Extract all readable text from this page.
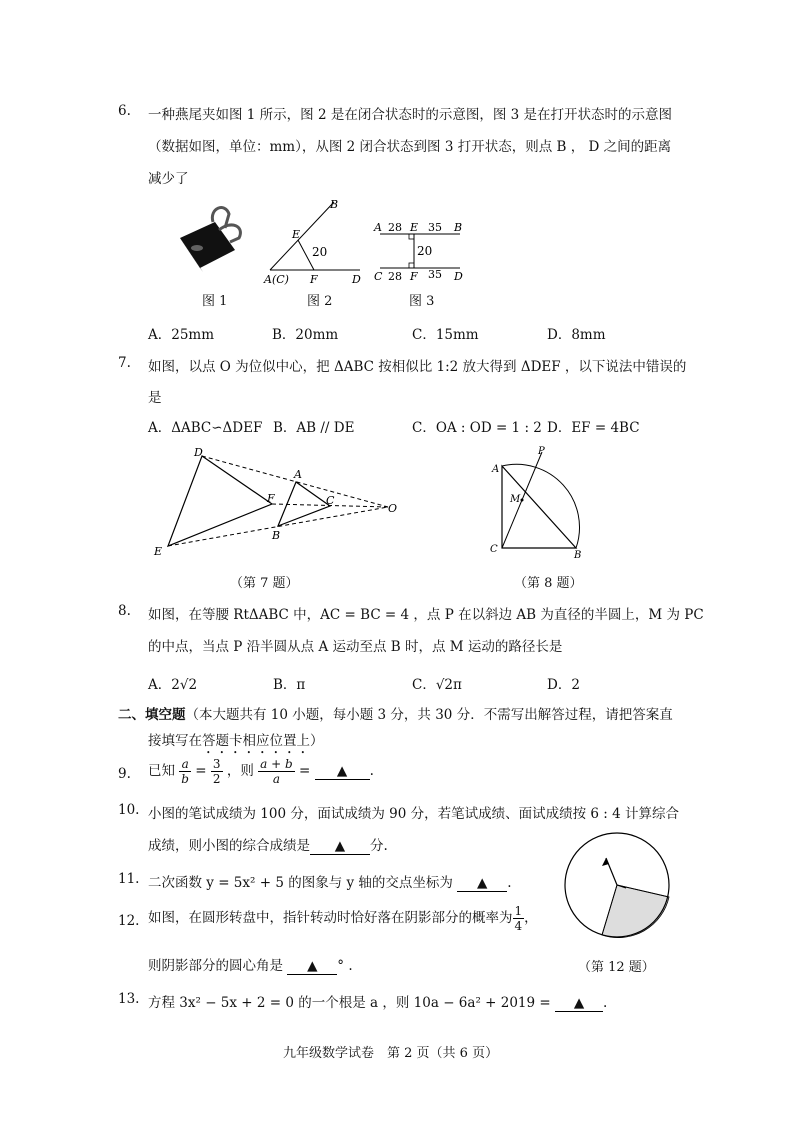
6. 一种燕尾夹如图 1 所示，图 2 是在闭合状态时的示意图，图 3 是在打开状态时的示意图
（数据如图，单位：mm），从图 2 闭合状态到图 3 打开状态，则点 B ， D 之间的距离
减少了
图 1
B
E
20
A(C) F	D
图 2
A 28 E 35 B
20
C 28 F 35 D
图 3
A．25mm	B．20mm	C．15mm	D．8mm
7. 如图，以点 O 为位似中心，把 ΔABC 按相似比 1:2 放大得到 ΔDEF ，以下说法中错误的
是
A．ΔABC∽ΔDEF B．AB // DE	C．OA : OD = 1 : 2 D．EF = 4BC
D
A
F	C
O
B
E
（第 7 题）
P
A
M
C
B
（第 8 题）
8. 如图，在等腰 RtΔABC 中，AC = BC = 4 ，点 P 在以斜边 AB 为直径的半圆上，M 为 PC
的中点，当点 P 沿半圆从点 A 运动至点 B 时，点 M 运动的路径长是
A．2√2	B．π	C．√2π	D．2
二、填空题（本大题共有 10 小题，每小题 3 分，共 30 分．不需写出解答过程，请把答案直
接填写在答题卡相应位置上）
9. 已知 $\frac{a}{b} = \frac{3}{2}$ ，则 $\frac{a + b}{a}$ = ▲ .
10. 小图的笔试成绩为 100 分，面试成绩为 90 分，若笔试成绩、面试成绩按 6 : 4 计算综合
成绩，则小图的综合成绩是 ▲ 分.
11. 二次函数 y = 5x² + 5 的图象与 y 轴的交点坐标为 ▲ .
12. 如图，在圆形转盘中，指针转动时恰好落在阴影部分的概率为 $\frac{1}{4}$ ，
则阴影部分的圆心角是 ▲ ° .	（第 12 题）
13. 方程 3x² − 5x + 2 = 0 的一个根是 a ，则 10a − 6a² + 2019 = ▲ .
九年级数学试卷　第 2 页（共 6 页）
